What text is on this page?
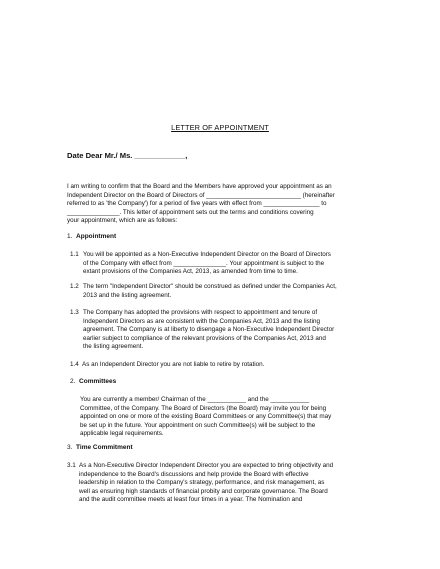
LETTER OF APPOINTMENT
Date Dear Mr./ Ms. ____________,
I am writing to confirm that the Board and the Members have approved your appointment as an
Independent Director on the Board of Directors of ___________________________ (hereinafter
referred to as 'the Company') for a period of five years with effect from ________________ to
_______________. This letter of appointment sets out the terms and conditions covering
your appointment, which are as follows:
1. Appointment
1.1 You will be appointed as a Non-Executive Independent Director on the Board of Directors
of the Company with effect from _______________. Your appointment is subject to the
extant provisions of the Companies Act, 2013, as amended from time to time.
1.2 The term "Independent Director" should be construed as defined under the Companies Act,
2013 and the listing agreement.
1.3 The Company has adopted the provisions with respect to appointment and tenure of
Independent Directors as are consistent with the Companies Act, 2013 and the listing
agreement. The Company is at liberty to disengage a Non-Executive Independent Director
earlier subject to compliance of the relevant provisions of the Companies Act, 2013 and
the listing agreement.
1.4 As an Independent Director you are not liable to retire by rotation.
2. Committees
You are currently a member/ Chairman of the ___________ and the ___________
Committee, of the Company. The Board of Directors (the Board) may invite you for being
appointed on one or more of the existing Board Committees or any Committee(s) that may
be set up in the future. Your appointment on such Committee(s) will be subject to the
applicable legal requirements.
3. Time Commitment
3.1 As a Non-Executive Director Independent Director you are expected to bring objectivity and
independence to the Board's discussions and help provide the Board with effective
leadership in relation to the Company's strategy, performance, and risk management, as
well as ensuring high standards of financial probity and corporate governance. The Board
and the audit committee meets at least four times in a year. The Nomination and
